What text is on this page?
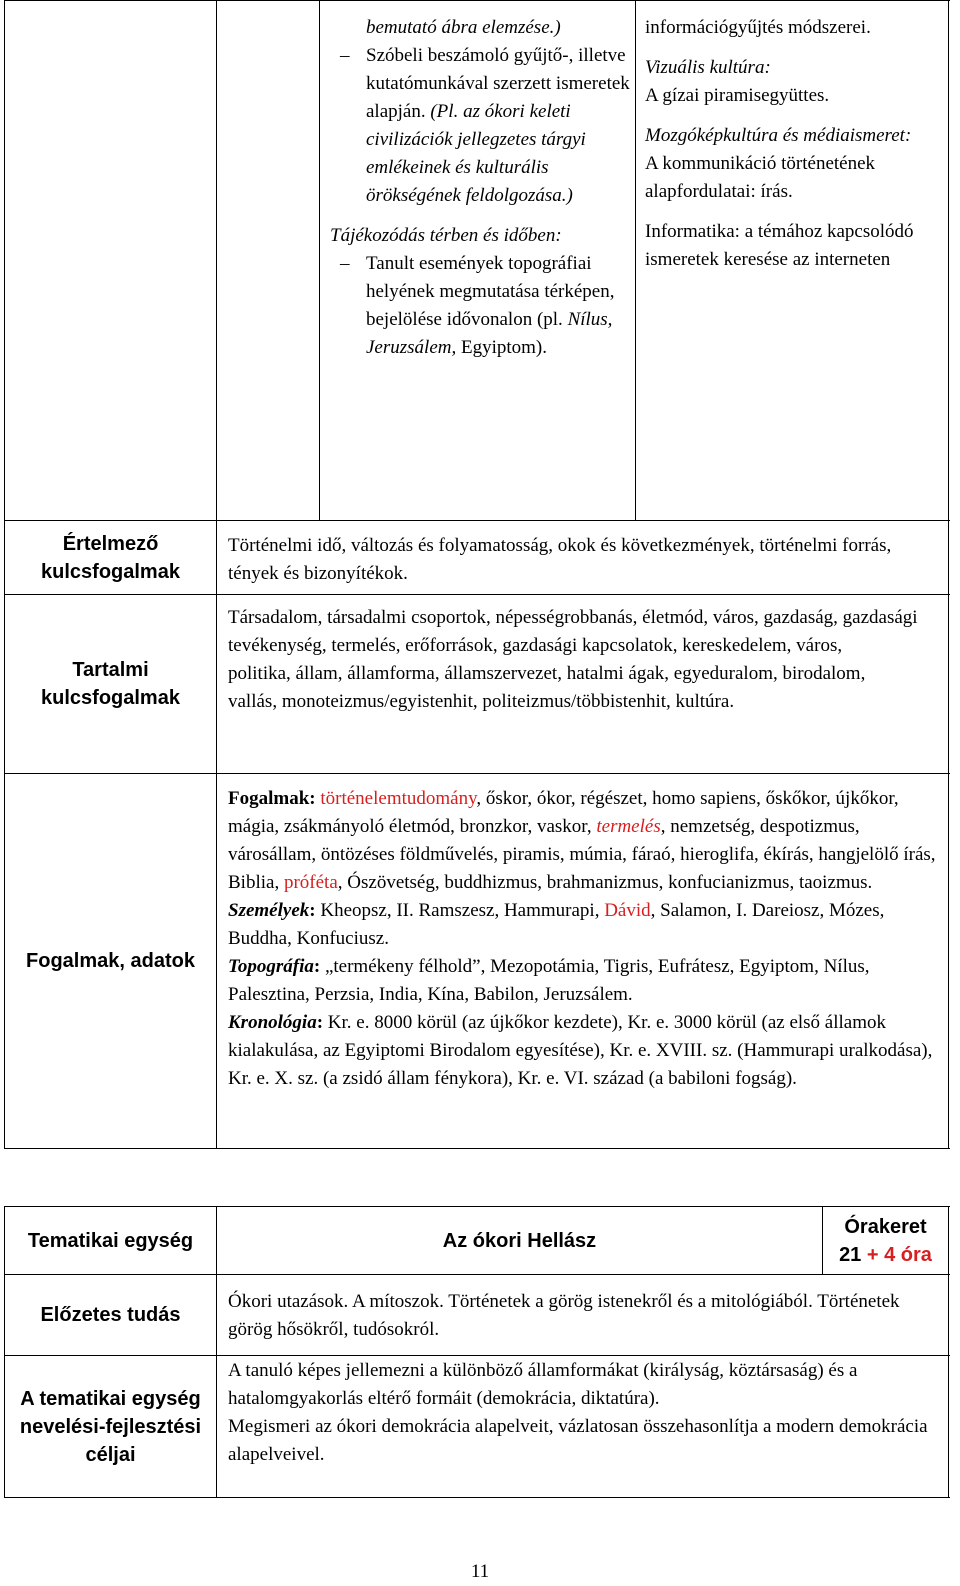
bemutató ábra elemzése.)

– Szóbeli beszámoló gyűjtő-, illetve kutatómunkával szerzett ismeretek alapján. (Pl. az ókori keleti civilizációk jellegzetes tárgyi emlékeinek és kulturális örökségének feldolgozása.)

Tájékozódás térben és időben:

– Tanult események topográfiai helyének megmutatása térképen, bejelölése idővonalon (pl. Nílus, Jeruzsálem, Egyiptom).

információgyűjtés módszerei.

Vizuális kultúra:

A gízai piramisegyüttes.

Mozgóképkultúra és médiaismeret:

A kommunikáció történetének alapfordulatai: írás.

Informatika: a témához kapcsolódó ismeretek keresése az interneten

Értelmező kulcsfogalmak

Történelmi idő, változás és folyamatosság, okok és következmények, történelmi forrás, tények és bizonyítékok.

Tartalmi kulcsfogalmak

Társadalom, társadalmi csoportok, népességrobbanás, életmód, város, gazdaság, gazdasági tevékenység, termelés, erőforrások, gazdasági kapcsolatok, kereskedelem, város,

politika, állam, államforma, államszervezet, hatalmi ágak, egyeduralom, birodalom,

vallás, monoteizmus/egyistenhit, politeizmus/többistenhit, kultúra.

Fogalmak, adatok

Fogalmak: történelemtudomány, őskor, ókor, régészet, homo sapiens, őskőkor, újkőkor, mágia, zsákmányoló életmód, bronzkor, vaskor, termelés, nemzetség, despotizmus, városállam, öntözéses földművelés, piramis, múmia, fáraó, hieroglifa, ékírás, hangjelölő írás, Biblia, próféta, Ószövetség, buddhizmus, brahmanizmus, konfucianizmus, taoizmus.

Személyek: Kheopsz, II. Ramszesz, Hammurapi, Dávid, Salamon, I. Dareiosz, Mózes, Buddha, Konfuciusz.

Topográfia: „termékeny félhold”, Mezopotámia, Tigris, Eufrátesz, Egyiptom, Nílus, Palesztina, Perzsia, India, Kína, Babilon, Jeruzsálem.

Kronológia: Kr. e. 8000 körül (az újkőkor kezdete), Kr. e. 3000 körül (az első államok kialakulása, az Egyiptomi Birodalom egyesítése), Kr. e. XVIII. sz. (Hammurapi uralkodása), Kr. e. X. sz. (a zsidó állam fénykora), Kr. e. VI. század (a babiloni fogság).

Tematikai egység	Az ókori Hellász
Órakeret
21 + 4 óra
Előzetes tudás

Ókori utazások. A mítoszok. Történetek a görög istenekről és a mitológiából. Történetek görög hősökről, tudósokról.

A tematikai egység nevelési-fejlesztési céljai

A tanuló képes jellemezni a különböző államformákat (királyság, köztársaság) és a hatalomgyakorlás eltérő formáit (demokrácia, diktatúra).

Megismeri az ókori demokrácia alapelveit, vázlatosan összehasonlítja a modern demokrácia alapelveivel.

11
